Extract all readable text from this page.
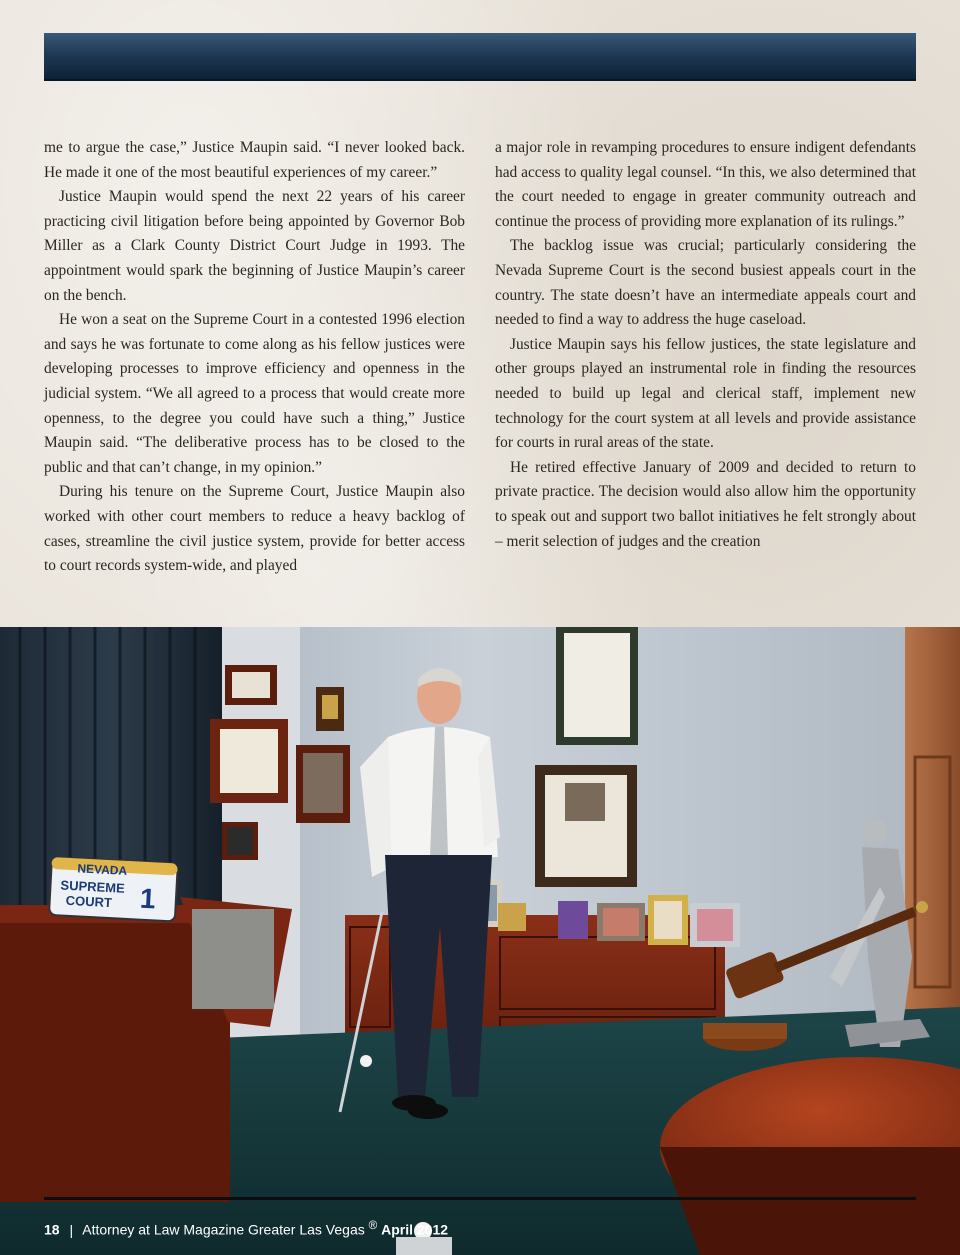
me to argue the case,” Justice Maupin said. “I never looked back. He made it one of the most beautiful experiences of my career.”

Justice Maupin would spend the next 22 years of his career practicing civil litigation before being appointed by Governor Bob Miller as a Clark County District Court Judge in 1993. The appointment would spark the beginning of Justice Maupin’s career on the bench.

He won a seat on the Supreme Court in a contested 1996 election and says he was fortunate to come along as his fellow justices were developing processes to improve efficiency and openness in the judicial system. “We all agreed to a process that would create more openness, to the degree you could have such a thing,” Justice Maupin said. “The deliberative process has to be closed to the public and that can’t change, in my opinion.”

During his tenure on the Supreme Court, Justice Maupin also worked with other court members to reduce a heavy backlog of cases, streamline the civil justice system, provide for better access to court records system-wide, and played

a major role in revamping procedures to ensure indigent defendants had access to quality legal counsel. “In this, we also determined that the court needed to engage in greater community outreach and continue the process of providing more explanation of its rulings.”

The backlog issue was crucial; particularly considering the Nevada Supreme Court is the second busiest appeals court in the country. The state doesn’t have an intermediate appeals court and needed to find a way to address the huge caseload.

Justice Maupin says his fellow justices, the state legislature and other groups played an instrumental role in finding the resources needed to build up legal and clerical staff, implement new technology for the court system at all levels and provide assistance for courts in rural areas of the state.

He retired effective January of 2009 and decided to return to private practice. The decision would also allow him the opportunity to speak out and support two ballot initiatives he felt strongly about – merit selection of judges and the creation

NEVADA
SUPREME
COURT 1
18 | Attorney at Law Magazine Greater Las Vegas ® April 2012
